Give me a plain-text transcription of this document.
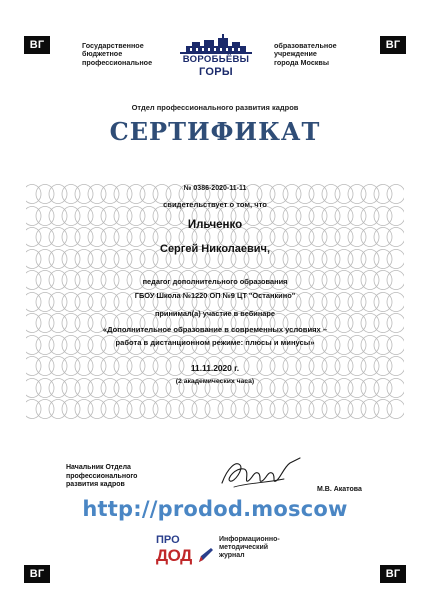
ВГ	ВГ
ВГ	ВГ
Государственное
бюджетное
профессиональное	ВОРОБЬЁВЫ
ГОРЫ
образовательное
учреждение
города Москвы
Отдел профессионального развития кадров
СЕРТИФИКАТ
№ 0386-2020-11-11
свидетельствует о том, что
Ильченко
Сергей Николаевич,
педагог дополнительного образования
ГБОУ Школа №1220 ОП №9 ЦТ "Останкино"
принимал(а) участие в вебинаре
«Дополнительное образование в современных условиях –
работа в дистанционном режиме: плюсы и минусы»
11.11.2020 г.
(2 академических часа)
Начальник Отдела
профессионального
развития кадров
М.В. Акатова
http://prodod.moscow
ПРО
ДОД
Информационно-
методический
журнал
